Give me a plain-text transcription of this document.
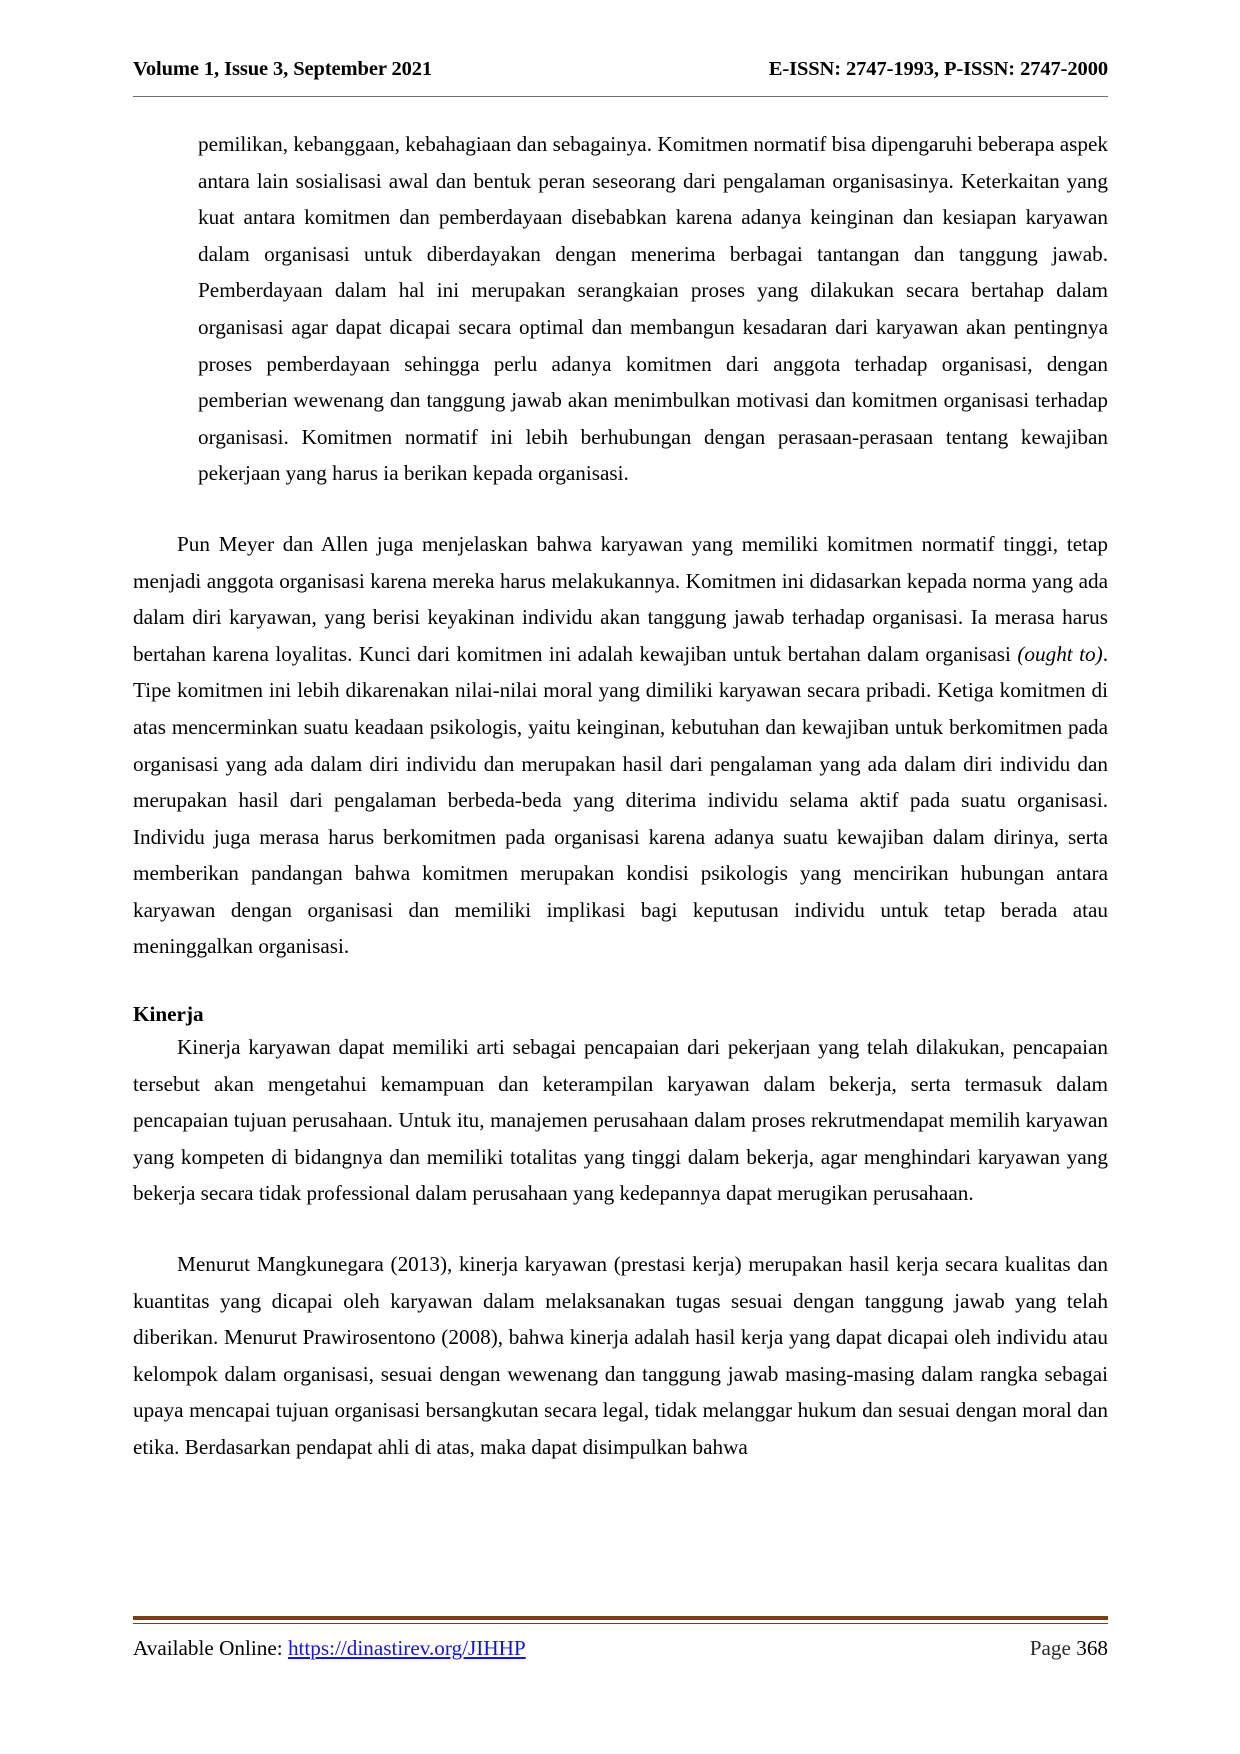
Volume 1, Issue 3, September 2021	E-ISSN: 2747-1993, P-ISSN: 2747-2000

pemilikan, kebanggaan, kebahagiaan dan sebagainya. Komitmen normatif bisa dipengaruhi beberapa aspek antara lain sosialisasi awal dan bentuk peran seseorang dari pengalaman organisasinya. Keterkaitan yang kuat antara komitmen dan pemberdayaan disebabkan karena adanya keinginan dan kesiapan karyawan dalam organisasi untuk diberdayakan dengan menerima berbagai tantangan dan tanggung jawab. Pemberdayaan dalam hal ini merupakan serangkaian proses yang dilakukan secara bertahap dalam organisasi agar dapat dicapai secara optimal dan membangun kesadaran dari karyawan akan pentingnya proses pemberdayaan sehingga perlu adanya komitmen dari anggota terhadap organisasi, dengan pemberian wewenang dan tanggung jawab akan menimbulkan motivasi dan komitmen organisasi terhadap organisasi. Komitmen normatif ini lebih berhubungan dengan perasaan-perasaan tentang kewajiban pekerjaan yang harus ia berikan kepada organisasi.

Pun Meyer dan Allen juga menjelaskan bahwa karyawan yang memiliki komitmen normatif tinggi, tetap menjadi anggota organisasi karena mereka harus melakukannya. Komitmen ini didasarkan kepada norma yang ada dalam diri karyawan, yang berisi keyakinan individu akan tanggung jawab terhadap organisasi. Ia merasa harus bertahan karena loyalitas. Kunci dari komitmen ini adalah kewajiban untuk bertahan dalam organisasi (ought to). Tipe komitmen ini lebih dikarenakan nilai-nilai moral yang dimiliki karyawan secara pribadi. Ketiga komitmen di atas mencerminkan suatu keadaan psikologis, yaitu keinginan, kebutuhan dan kewajiban untuk berkomitmen pada organisasi yang ada dalam diri individu dan merupakan hasil dari pengalaman yang ada dalam diri individu dan merupakan hasil dari pengalaman berbeda-beda yang diterima individu selama aktif pada suatu organisasi. Individu juga merasa harus berkomitmen pada organisasi karena adanya suatu kewajiban dalam dirinya, serta memberikan pandangan bahwa komitmen merupakan kondisi psikologis yang mencirikan hubungan antara karyawan dengan organisasi dan memiliki implikasi bagi keputusan individu untuk tetap berada atau meninggalkan organisasi.

Kinerja

Kinerja karyawan dapat memiliki arti sebagai pencapaian dari pekerjaan yang telah dilakukan, pencapaian tersebut akan mengetahui kemampuan dan keterampilan karyawan dalam bekerja, serta termasuk dalam pencapaian tujuan perusahaan. Untuk itu, manajemen perusahaan dalam proses rekrutmendapat memilih karyawan yang kompeten di bidangnya dan memiliki totalitas yang tinggi dalam bekerja, agar menghindari karyawan yang bekerja secara tidak professional dalam perusahaan yang kedepannya dapat merugikan perusahaan.

Menurut Mangkunegara (2013), kinerja karyawan (prestasi kerja) merupakan hasil kerja secara kualitas dan kuantitas yang dicapai oleh karyawan dalam melaksanakan tugas sesuai dengan tanggung jawab yang telah diberikan. Menurut Prawirosentono (2008), bahwa kinerja adalah hasil kerja yang dapat dicapai oleh individu atau kelompok dalam organisasi, sesuai dengan wewenang dan tanggung jawab masing-masing dalam rangka sebagai upaya mencapai tujuan organisasi bersangkutan secara legal, tidak melanggar hukum dan sesuai dengan moral dan etika. Berdasarkan pendapat ahli di atas, maka dapat disimpulkan bahwa

Available Online: https://dinastirev.org/JIHHP	Page 368
